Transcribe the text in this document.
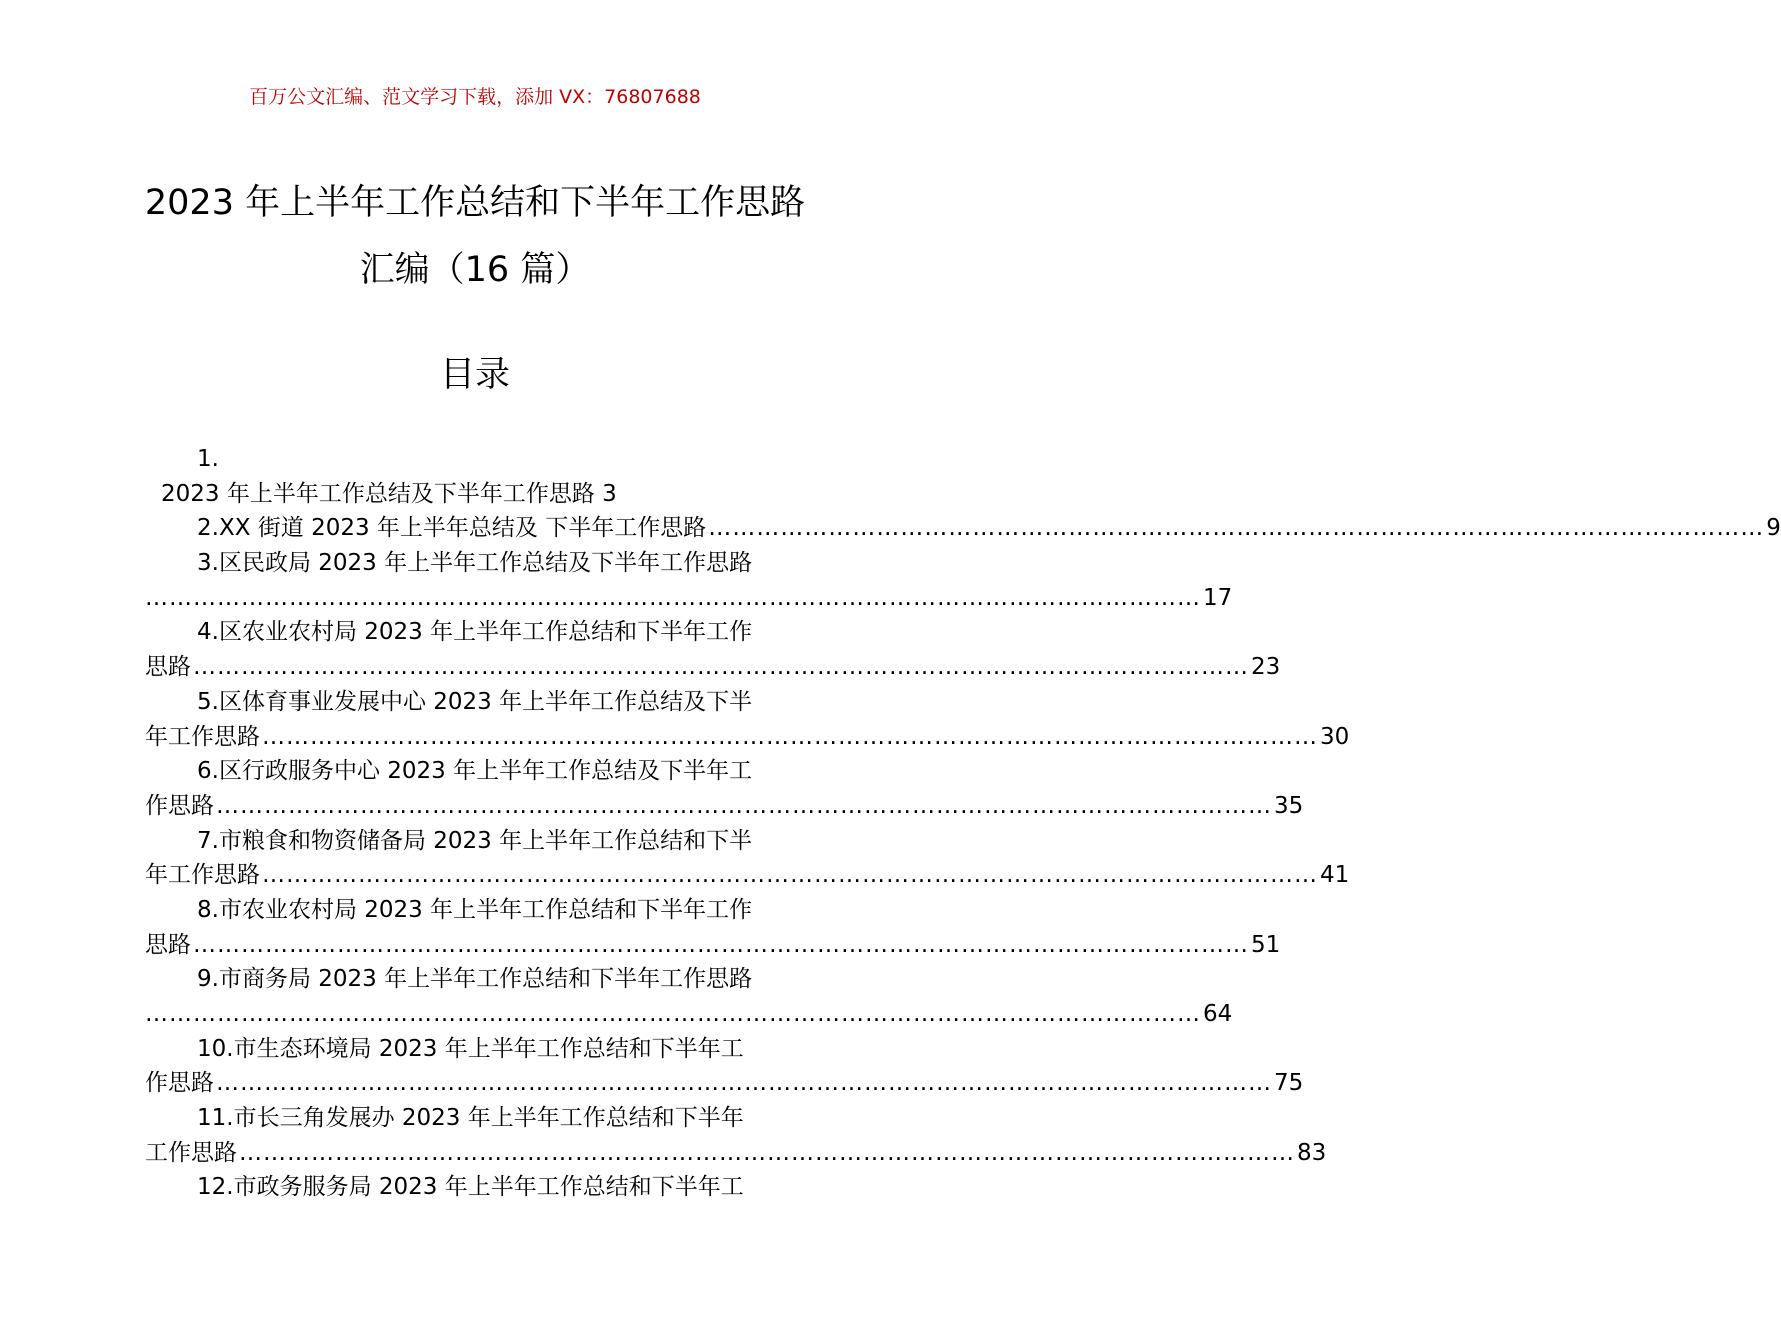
百万公文汇编、范文学习下载，添加 VX：76807688
2023 年上半年工作总结和下半年工作思路
汇编（16 篇）
目录
1.
2023 年上半年工作总结及下半年工作思路 3
2.XX 街道 2023 年上半年总结及 下半年工作思路 …………………………………………………………………………………………………………………… 9
3.区民政局 2023 年上半年工作总结及下半年工作思路
…………………………………………………………………………………………………………………… 17
4.区农业农村局 2023 年上半年工作总结和下半年工作
思路 …………………………………………………………………………………………………………………… 23
5.区体育事业发展中心 2023 年上半年工作总结及下半
年工作思路 …………………………………………………………………………………………………………………… 30
6.区行政服务中心 2023 年上半年工作总结及下半年工
作思路 …………………………………………………………………………………………………………………… 35
7.市粮食和物资储备局 2023 年上半年工作总结和下半
年工作思路 …………………………………………………………………………………………………………………… 41
8.市农业农村局 2023 年上半年工作总结和下半年工作
思路 …………………………………………………………………………………………………………………… 51
9.市商务局 2023 年上半年工作总结和下半年工作思路
…………………………………………………………………………………………………………………… 64
10.市生态环境局 2023 年上半年工作总结和下半年工
作思路 …………………………………………………………………………………………………………………… 75
11.市长三角发展办 2023 年上半年工作总结和下半年
工作思路 …………………………………………………………………………………………………………………… 83
12.市政务服务局 2023 年上半年工作总结和下半年工
